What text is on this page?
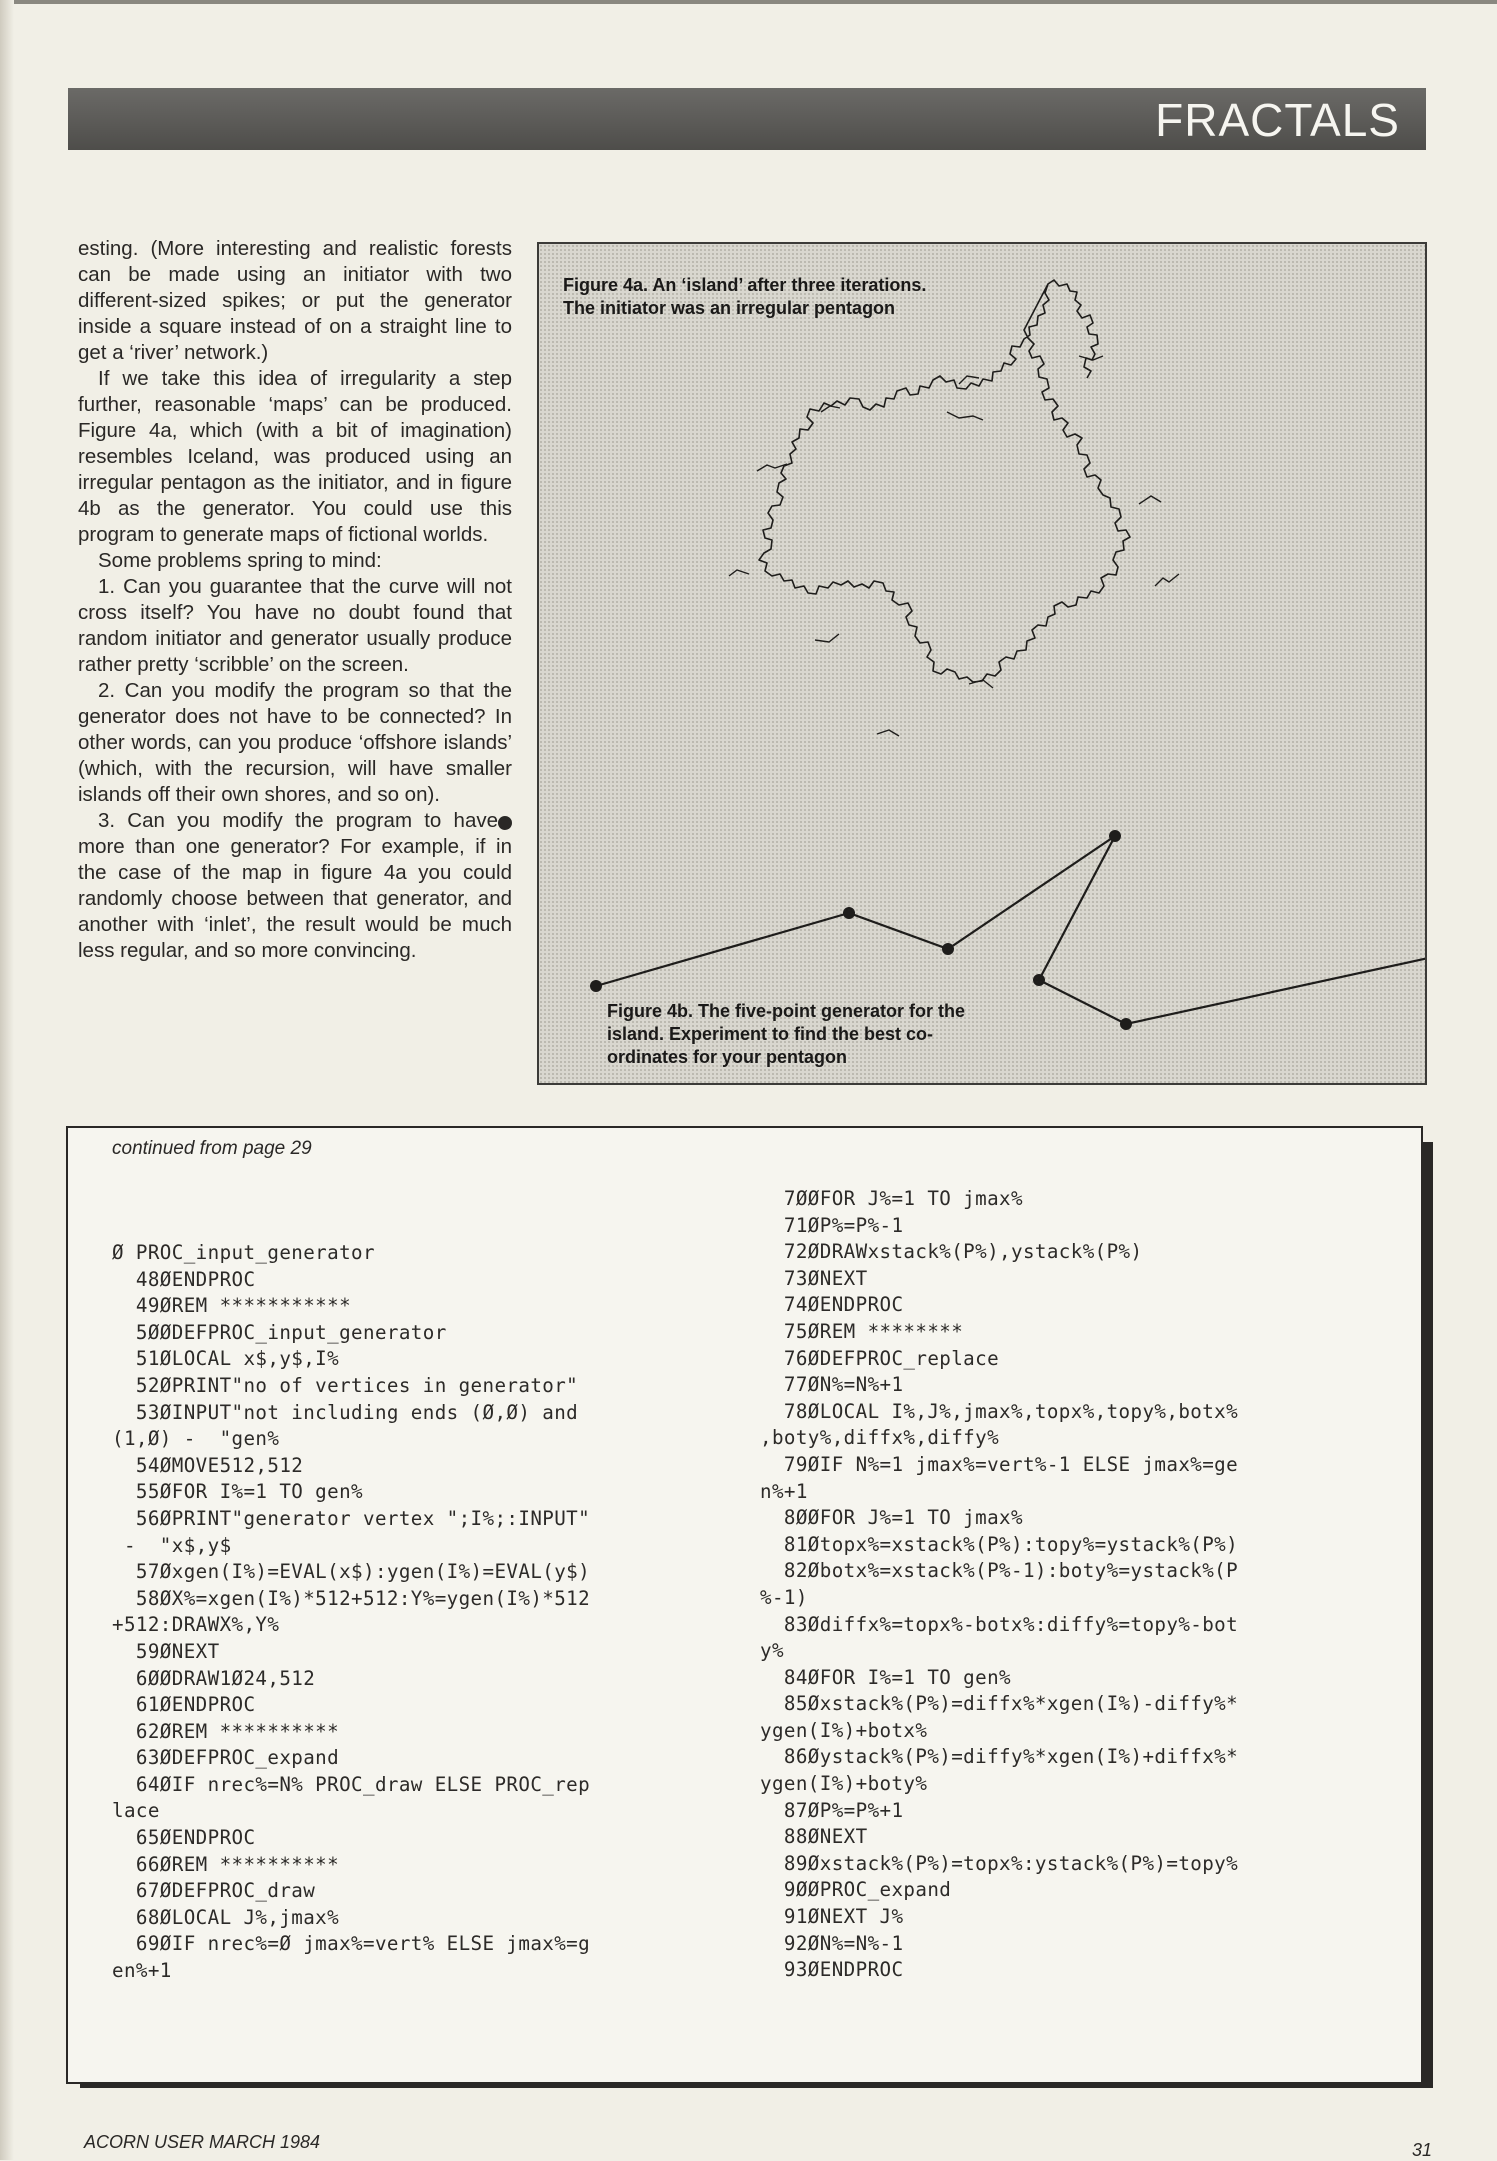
FRACTALS

esting. (More interesting and realistic forests can be made using an initiator with two different-sized spikes; or put the generator inside a square instead of on a straight line to get a ‘river’ network.)

If we take this idea of irregularity a step further, reasonable ‘maps’ can be produced. Figure 4a, which (with a bit of imagination) resembles Iceland, was produced using an irregular pentagon as the initiator, and in figure 4b as the generator. You could use this program to generate maps of fictional worlds.

Some problems spring to mind:

1. Can you guarantee that the curve will not cross itself? You have no doubt found that random initiator and generator usually produce rather pretty ‘scribble’ on the screen.

2. Can you modify the program so that the generator does not have to be connected? In other words, can you produce ‘offshore islands’ (which, with the recursion, will have smaller islands off their own shores, and so on).

3. Can you modify the program to have more than one generator? For example, if in the case of the map in figure 4a you could randomly choose between that generator, and another with ‘inlet’, the result would be much less regular, and so more convincing.

Figure 4a. An ‘island’ after three iterations.
The initiator was an irregular pentagon
Figure 4b. The five-point generator for the
island. Experiment to find the best co-
ordinates for your pentagon
continued from page 29
Ø PROC_input_generator
48ØENDPROC
49ØREM ***********
5ØØDEFPROC_input_generator
51ØLOCAL x$,y$,I%
52ØPRINT"no of vertices in generator"
53ØINPUT"not including ends (Ø,Ø) and
(1,Ø) -  "gen%
54ØMOVE512,512
55ØFOR I%=1 TO gen%
56ØPRINT"generator vertex ";I%;:INPUT"
-  "x$,y$
57Øxgen(I%)=EVAL(x$):ygen(I%)=EVAL(y$)
58ØX%=xgen(I%)*512+512:Y%=ygen(I%)*512
+512:DRAWX%,Y%
59ØNEXT
6ØØDRAW1Ø24,512
61ØENDPROC
62ØREM **********
63ØDEFPROC_expand
64ØIF nrec%=N% PROC_draw ELSE PROC_rep
lace
65ØENDPROC
66ØREM **********
67ØDEFPROC_draw
68ØLOCAL J%,jmax%
69ØIF nrec%=Ø jmax%=vert% ELSE jmax%=g
en%+1
7ØØFOR J%=1 TO jmax%
71ØP%=P%-1
72ØDRAWxstack%(P%),ystack%(P%)
73ØNEXT
74ØENDPROC
75ØREM ********
76ØDEFPROC_replace
77ØN%=N%+1
78ØLOCAL I%,J%,jmax%,topx%,topy%,botx%
,boty%,diffx%,diffy%
79ØIF N%=1 jmax%=vert%-1 ELSE jmax%=ge
n%+1
8ØØFOR J%=1 TO jmax%
81Øtopx%=xstack%(P%):topy%=ystack%(P%)
82Øbotx%=xstack%(P%-1):boty%=ystack%(P
%-1)
83Ødiffx%=topx%-botx%:diffy%=topy%-bot
y%
84ØFOR I%=1 TO gen%
85Øxstack%(P%)=diffx%*xgen(I%)-diffy%*
ygen(I%)+botx%
86Øystack%(P%)=diffy%*xgen(I%)+diffx%*
ygen(I%)+boty%
87ØP%=P%+1
88ØNEXT
89Øxstack%(P%)=topx%:ystack%(P%)=topy%
9ØØPROC_expand
91ØNEXT J%
92ØN%=N%-1
93ØENDPROC
ACORN USER MARCH 1984	31
